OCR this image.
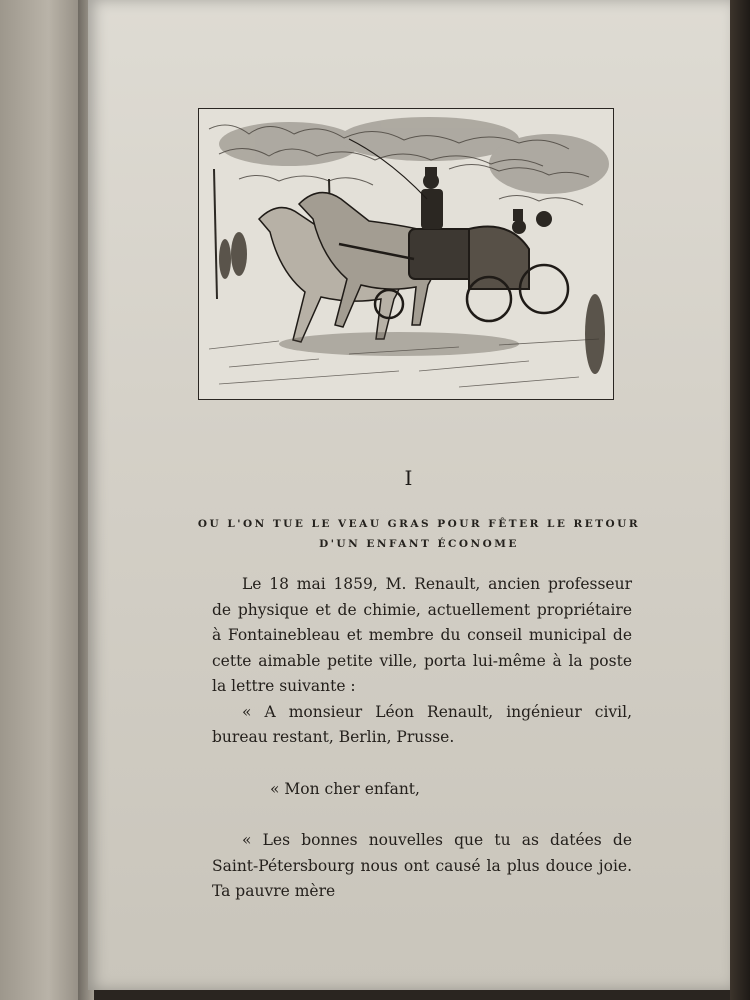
I
OU L'ON TUE LE VEAU GRAS POUR FÊTER LE RETOUR
D'UN ENFANT ÉCONOME

Le 18 mai 1859, M. Renault, ancien professeur de physique et de chimie, actuellement propriétaire à Fontainebleau et membre du conseil municipal de cette aimable petite ville, porta lui-même à la poste la lettre suivante :

« A monsieur Léon Renault, ingénieur civil, bureau restant, Berlin, Prusse.

« Mon cher enfant,

« Les bonnes nouvelles que tu as datées de Saint-Pétersbourg nous ont causé la plus douce joie. Ta pauvre mère
